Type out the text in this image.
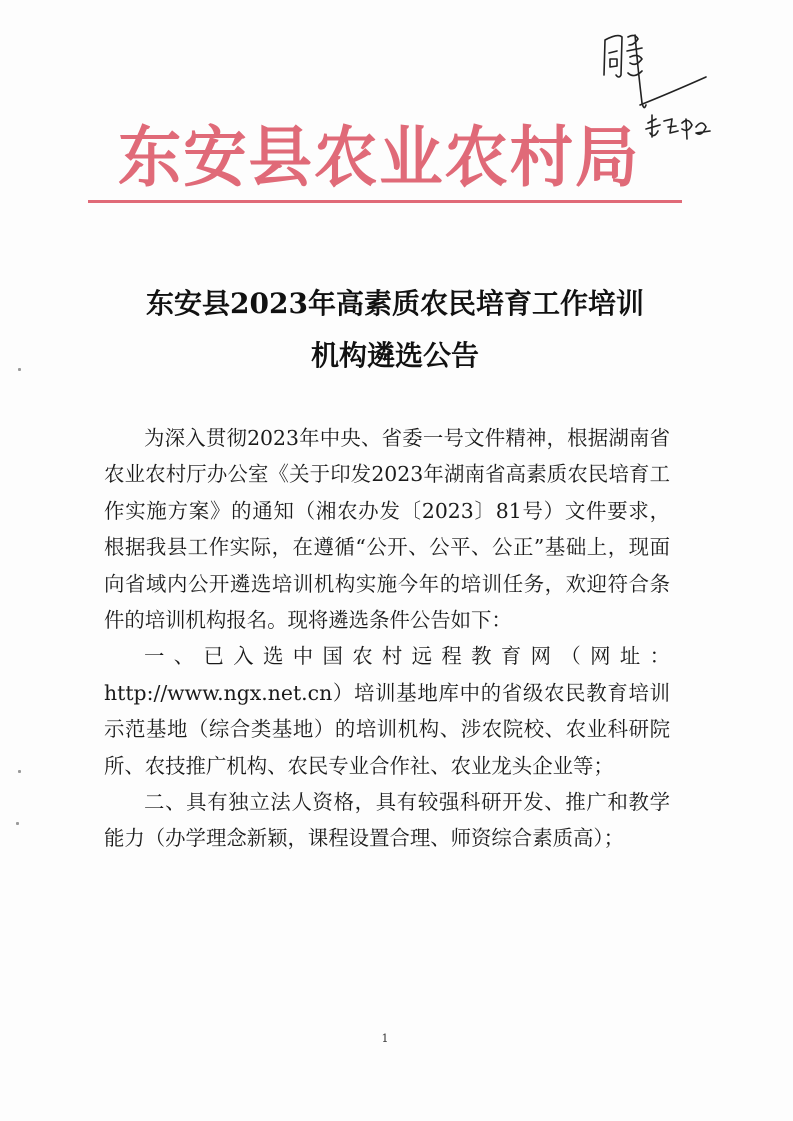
东安县农业农村局
东安县2023年高素质农民培育工作培训
机构遴选公告

为深入贯彻2023年中央、省委一号文件精神，根据湖南省农业农村厅办公室《关于印发2023年湖南省高素质农民培育工作实施方案》的通知（湘农办发〔2023〕81号）文件要求，根据我县工作实际，在遵循“公开、公平、公正”基础上，现面向省域内公开遴选培训机构实施今年的培训任务，欢迎符合条件的培训机构报名。现将遴选条件公告如下：

一、已入选中国农村远程教育网（网址：http://www.ngx.net.cn）培训基地库中的省级农民教育培训示范基地（综合类基地）的培训机构、涉农院校、农业科研院所、农技推广机构、农民专业合作社、农业龙头企业等；

二、具有独立法人资格，具有较强科研开发、推广和教学能力（办学理念新颖，课程设置合理、师资综合素质高）；

1
